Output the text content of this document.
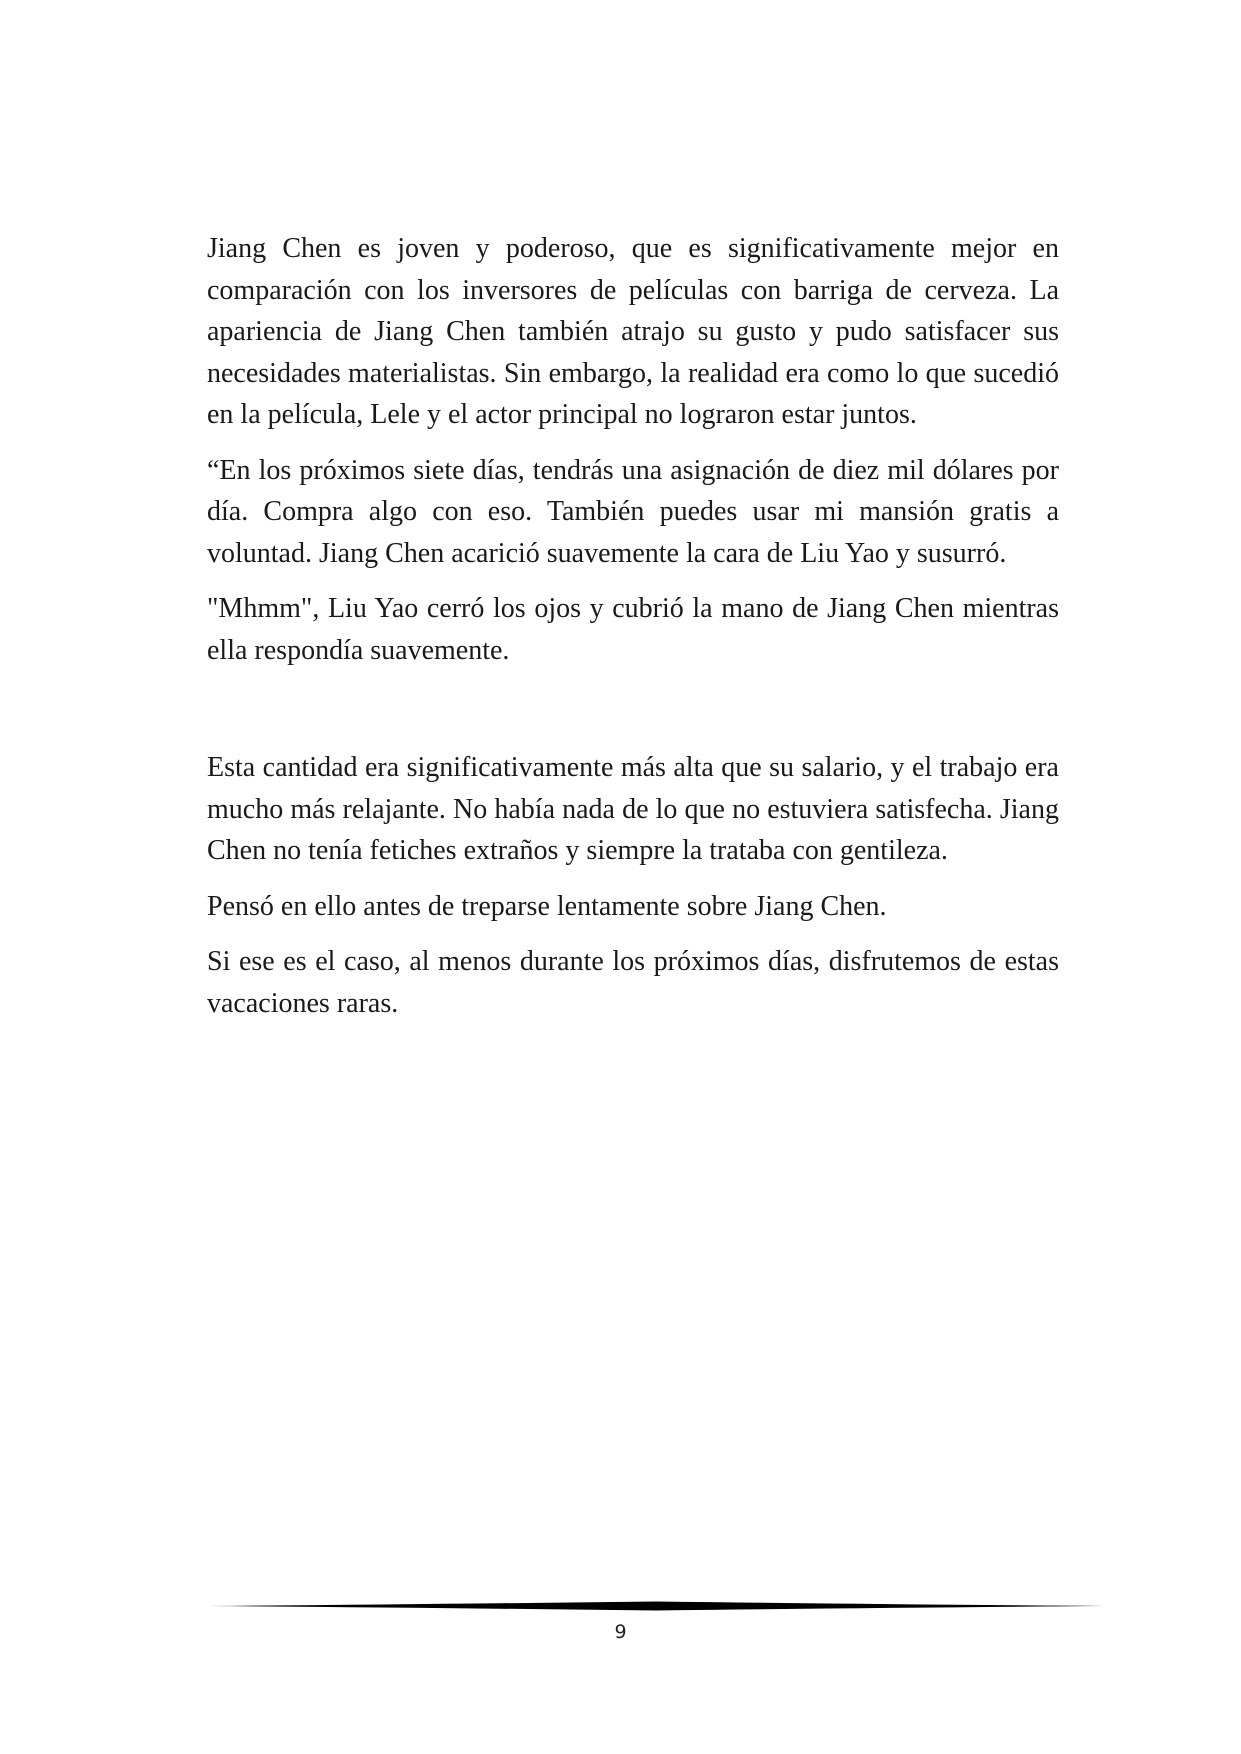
Jiang Chen es joven y poderoso, que es significativamente mejor en comparación con los inversores de películas con barriga de cerveza. La apariencia de Jiang Chen también atrajo su gusto y pudo satisfacer sus necesidades materialistas. Sin embargo, la realidad era como lo que sucedió en la película, Lele y el actor principal no lograron estar juntos.

“En los próximos siete días, tendrás una asignación de diez mil dólares por día. Compra algo con eso. También puedes usar mi mansión gratis a voluntad. Jiang Chen acarició suavemente la cara de Liu Yao y susurró.

"Mhmm", Liu Yao cerró los ojos y cubrió la mano de Jiang Chen mientras ella respondía suavemente.

Esta cantidad era significativamente más alta que su salario, y el trabajo era mucho más relajante. No había nada de lo que no estuviera satisfecha. Jiang Chen no tenía fetiches extraños y siempre la trataba con gentileza.

Pensó en ello antes de treparse lentamente sobre Jiang Chen.

Si ese es el caso, al menos durante los próximos días, disfrutemos de estas vacaciones raras.

9
